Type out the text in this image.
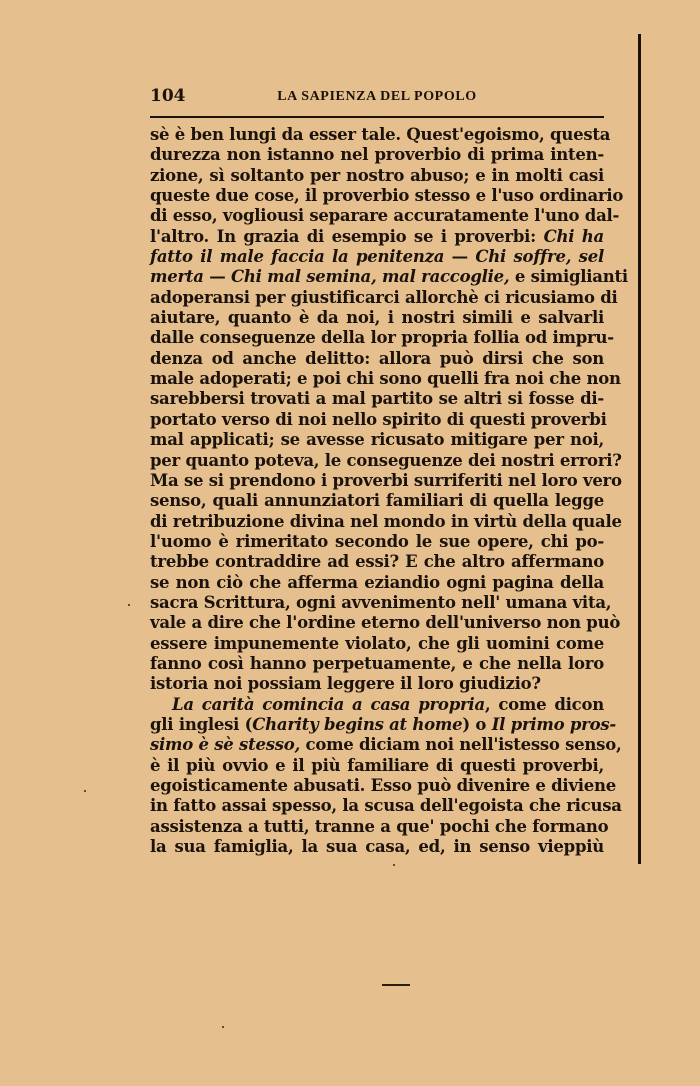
104	LA SAPIENZA DEL POPOLO
sè è ben lungi da esser tale. Quest'egoismo, questa
durezza non istanno nel proverbio di prima inten-
zione, sì soltanto per nostro abuso; e in molti casi
queste due cose, il proverbio stesso e l'uso ordinario
di esso, vogliousi separare accuratamente l'uno dal-
l'altro. In grazia di esempio se i proverbi: Chi ha
fatto il male faccia la penitenza — Chi soffre, sel
merta — Chi mal semina, mal raccoglie, e simiglianti
adoperansi per giustificarci allorchè ci ricusiamo di
aiutare, quanto è da noi, i nostri simili e salvarli
dalle conseguenze della lor propria follia od impru-
denza od anche delitto: allora può dirsi che son
male adoperati; e poi chi sono quelli fra noi che non
sarebbersi trovati a mal partito se altri si fosse di-
portato verso di noi nello spirito di questi proverbi
mal applicati; se avesse ricusato mitigare per noi,
per quanto poteva, le conseguenze dei nostri errori?
Ma se si prendono i proverbi surriferiti nel loro vero
senso, quali annunziatori familiari di quella legge
di retribuzione divina nel mondo in virtù della quale
l'uomo è rimeritato secondo le sue opere, chi po-
trebbe contraddire ad essi? E che altro affermano
se non ciò che afferma eziandio ogni pagina della
sacra Scrittura, ogni avvenimento nell' umana vita,
vale a dire che l'ordine eterno dell'universo non può
essere impunemente violato, che gli uomini come
fanno così hanno perpetuamente, e che nella loro
istoria noi possiam leggere il loro giudizio?
La carità comincia a casa propria, come dicon
gli inglesi (Charity begins at home) o Il primo pros-
simo è sè stesso, come diciam noi nell'istesso senso,
è il più ovvio e il più familiare di questi proverbi,
egoisticamente abusati. Esso può divenire e diviene
in fatto assai spesso, la scusa dell'egoista che ricusa
assistenza a tutti, tranne a que' pochi che formano
la sua famiglia, la sua casa, ed, in senso vieppiù
